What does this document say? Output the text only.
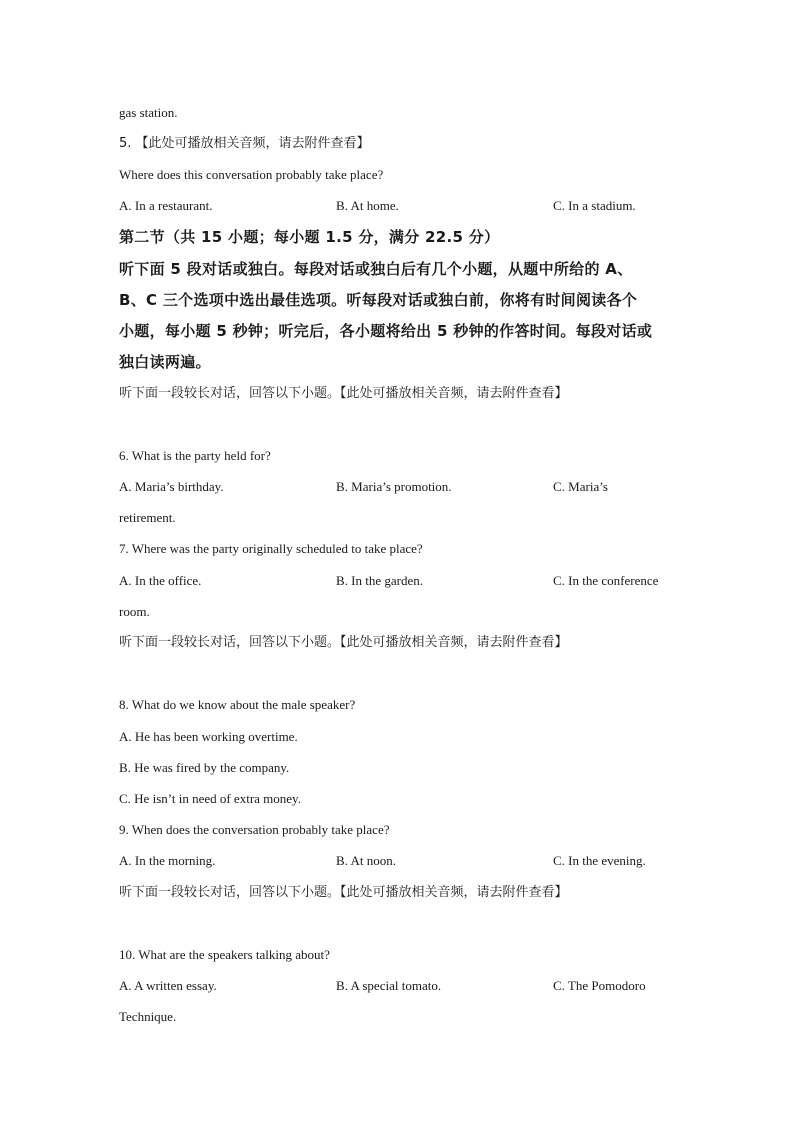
gas station.
5. 【此处可播放相关音频，请去附件查看】
Where does this conversation probably take place?
A. In a restaurant.	B. At home.	C. In a stadium.
第二节（共 15 小题；每小题 1.5 分，满分 22.5 分）
听下面 5 段对话或独白。每段对话或独白后有几个小题，从题中所给的 A、
B、C 三个选项中选出最佳选项。听每段对话或独白前，你将有时间阅读各个
小题，每小题 5 秒钟；听完后，各小题将给出 5 秒钟的作答时间。每段对话或
独白读两遍。
听下面一段较长对话，回答以下小题。【此处可播放相关音频，请去附件查看】
6. What is the party held for?
A. Maria’s birthday.	B. Maria’s promotion.	C. Maria’s
retirement.
7. Where was the party originally scheduled to take place?
A. In the office.	B. In the garden.	C. In the conference
room.
听下面一段较长对话，回答以下小题。【此处可播放相关音频，请去附件查看】
8. What do we know about the male speaker?
A. He has been working overtime.
B. He was fired by the company.
C. He isn’t in need of extra money.
9. When does the conversation probably take place?
A. In the morning.	B. At noon.	C. In the evening.
听下面一段较长对话，回答以下小题。【此处可播放相关音频，请去附件查看】
10. What are the speakers talking about?
A. A written essay.	B. A special tomato.	C. The Pomodoro
Technique.
